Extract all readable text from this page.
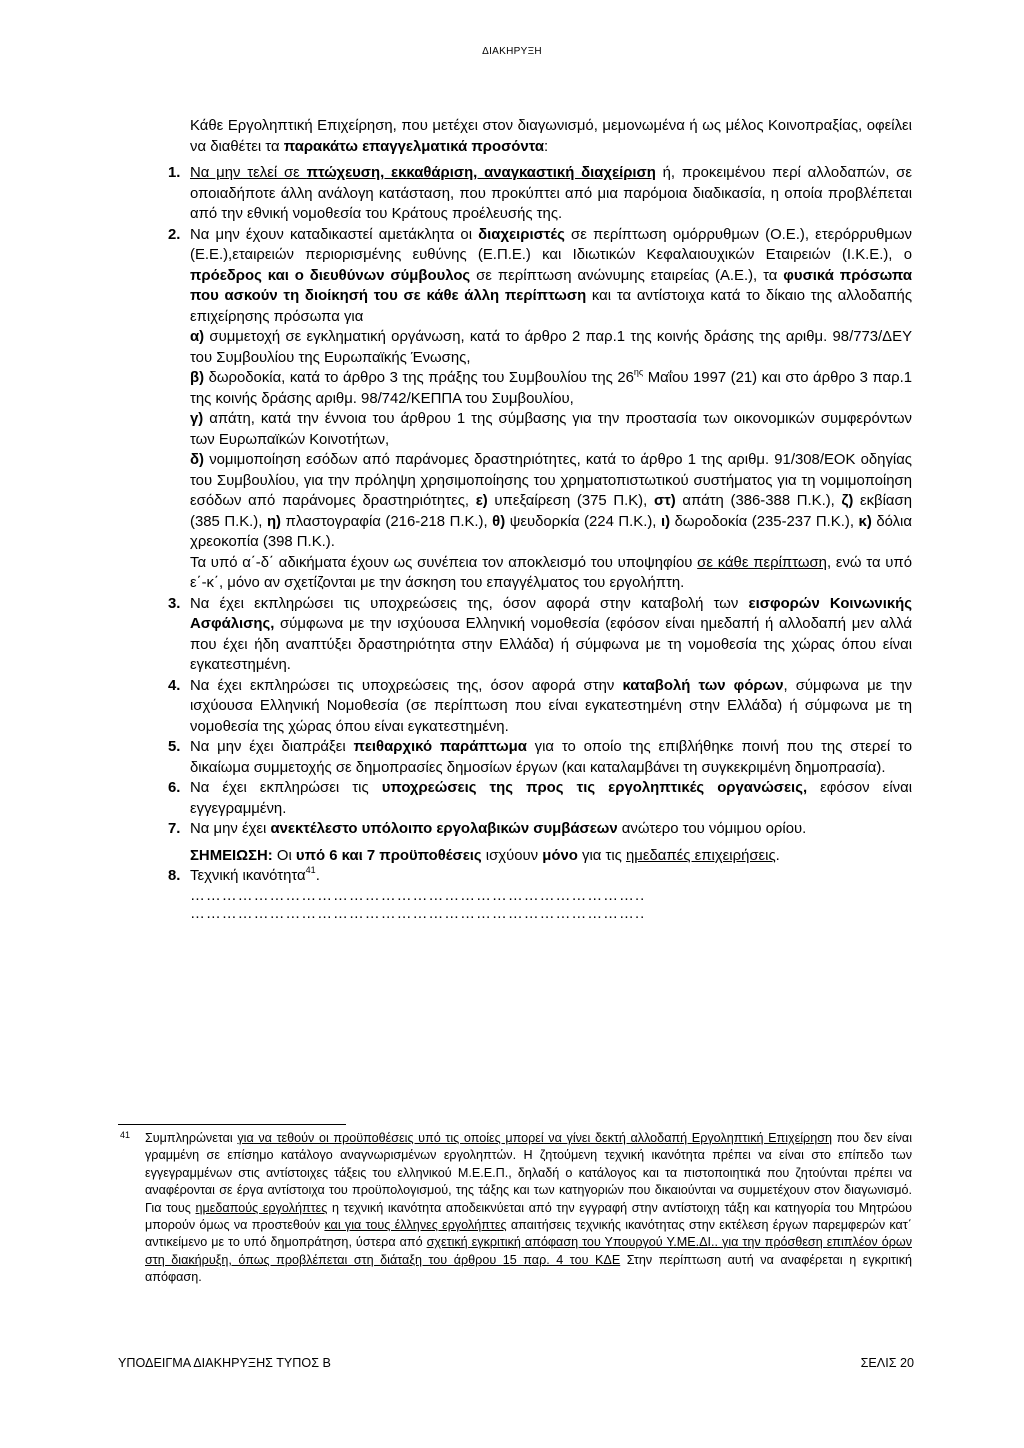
ΔΙΑΚΗΡΥΞΗ

Κάθε Εργοληπτική Επιχείρηση, που μετέχει στον διαγωνισμό, μεμονωμένα ή ως μέλος Κοινοπραξίας, οφείλει να διαθέτει τα παρακάτω επαγγελματικά προσόντα:

1. Να μην τελεί σε πτώχευση, εκκαθάριση, αναγκαστική διαχείριση ή, προκειμένου περί αλλοδαπών, σε οποιαδήποτε άλλη ανάλογη κατάσταση, που προκύπτει από μια παρόμοια διαδικασία, η οποία προβλέπεται από την εθνική νομοθεσία του Κράτους προέλευσής της.

2. Να μην έχουν καταδικαστεί αμετάκλητα οι διαχειριστές σε περίπτωση ομόρρυθμων (Ο.Ε.), ετερόρρυθμων (Ε.Ε.),εταιρειών περιορισμένης ευθύνης (Ε.Π.Ε.) και Ιδιωτικών Κεφαλαιουχικών Εταιρειών (Ι.Κ.Ε.), ο πρόεδρος και ο διευθύνων σύμβουλος σε περίπτωση ανώνυμης εταιρείας (Α.Ε.), τα φυσικά πρόσωπα που ασκούν τη διοίκησή του σε κάθε άλλη περίπτωση και τα αντίστοιχα κατά το δίκαιο της αλλοδαπής επιχείρησης πρόσωπα για

α) συμμετοχή σε εγκληματική οργάνωση, κατά το άρθρο 2 παρ.1 της κοινής δράσης της αριθμ. 98/773/ΔΕΥ του Συμβουλίου της Ευρωπαϊκής Ένωσης,

β) δωροδοκία, κατά το άρθρο 3 της πράξης του Συμβουλίου της $26^{\eta\varsigma}$ Μαΐου 1997 (21) και στο άρθρο 3 παρ.1 της κοινής δράσης αριθμ. 98/742/ΚΕΠΠΑ του Συμβουλίου,

γ) απάτη, κατά την έννοια του άρθρου 1 της σύμβασης για την προστασία των οικονομικών συμφερόντων των Ευρωπαϊκών Κοινοτήτων,

δ) νομιμοποίηση εσόδων από παράνομες δραστηριότητες, κατά το άρθρο 1 της αριθμ. 91/308/ΕΟΚ οδηγίας του Συμβουλίου, για την πρόληψη χρησιμοποίησης του χρηματοπιστωτικού συστήματος για τη νομιμοποίηση εσόδων από παράνομες δραστηριότητες, ε) υπεξαίρεση (375 Π.Κ), στ) απάτη (386-388 Π.Κ.), ζ) εκβίαση (385 Π.Κ.), η) πλαστογραφία (216-218 Π.Κ.), θ) ψευδορκία (224 Π.Κ.), ι) δωροδοκία (235-237 Π.Κ.), κ) δόλια χρεοκοπία (398 Π.Κ.).

Τα υπό α΄-δ΄ αδικήματα έχουν ως συνέπεια τον αποκλεισμό του υποψηφίου σε κάθε περίπτωση, ενώ τα υπό ε΄-κ΄, μόνο αν σχετίζονται με την άσκηση του επαγγέλματος του εργολήπτη.

3. Να έχει εκπληρώσει τις υποχρεώσεις της, όσον αφορά στην καταβολή των εισφορών Κοινωνικής Ασφάλισης, σύμφωνα με την ισχύουσα Ελληνική νομοθεσία (εφόσον είναι ημεδαπή ή αλλοδαπή μεν αλλά που έχει ήδη αναπτύξει δραστηριότητα στην Ελλάδα) ή σύμφωνα με τη νομοθεσία της χώρας όπου είναι εγκατεστημένη.

4. Να έχει εκπληρώσει τις υποχρεώσεις της, όσον αφορά στην καταβολή των φόρων, σύμφωνα με την ισχύουσα Ελληνική Νομοθεσία (σε περίπτωση που είναι εγκατεστημένη στην Ελλάδα) ή σύμφωνα με τη νομοθεσία της χώρας όπου είναι εγκατεστημένη.

5. Να μην έχει διαπράξει πειθαρχικό παράπτωμα για το οποίο της επιβλήθηκε ποινή που της στερεί το δικαίωμα συμμετοχής σε δημοπρασίες δημοσίων έργων (και καταλαμβάνει τη συγκεκριμένη δημοπρασία).

6. Να έχει εκπληρώσει τις υποχρεώσεις της προς τις εργοληπτικές οργανώσεις, εφόσον είναι εγγεγραμμένη.

7. Να μην έχει ανεκτέλεστο υπόλοιπο εργολαβικών συμβάσεων ανώτερο του νόμιμου ορίου.

ΣΗΜΕΙΩΣΗ: Οι υπό 6 και 7 προϋποθέσεις ισχύουν μόνο για τις ημεδαπές επιχειρήσεις.

8. Τεχνική ικανότητα$^{41}$.

…………………………………………………………………………..

…………………………………………………………………………..

41 Συμπληρώνεται για να τεθούν οι προϋποθέσεις υπό τις οποίες μπορεί να γίνει δεκτή αλλοδαπή Εργοληπτική Επιχείρηση που δεν είναι γραμμένη σε επίσημο κατάλογο αναγνωρισμένων εργοληπτών. Η ζητούμενη τεχνική ικανότητα πρέπει να είναι στο επίπεδο των εγγεγραμμένων στις αντίστοιχες τάξεις του ελληνικού Μ.Ε.Ε.Π., δηλαδή ο κατάλογος και τα πιστοποιητικά που ζητούνται πρέπει να αναφέρονται σε έργα αντίστοιχα του προϋπολογισμού, της τάξης και των κατηγοριών που δικαιούνται να συμμετέχουν στον διαγωνισμό. Για τους ημεδαπούς εργολήπτες η τεχνική ικανότητα αποδεικνύεται από την εγγραφή στην αντίστοιχη τάξη και κατηγορία του Μητρώου μπορούν όμως να προστεθούν και για τους έλληνες εργολήπτες απαιτήσεις τεχνικής ικανότητας στην εκτέλεση έργων παρεμφερών κατ΄ αντικείμενο με το υπό δημοπράτηση, ύστερα από σχετική εγκριτική απόφαση του Υπουργού Υ.ΜΕ.ΔΙ.. για την πρόσθεση επιπλέον όρων στη διακήρυξη, όπως προβλέπεται στη διάταξη του άρθρου 15 παρ. 4 του ΚΔΕ Στην περίπτωση αυτή να αναφέρεται η εγκριτική απόφαση.
ΥΠΟΔΕΙΓΜΑ ΔΙΑΚΗΡΥΞΗΣ ΤΥΠΟΣ Β	ΣΕΛΙΣ 20
